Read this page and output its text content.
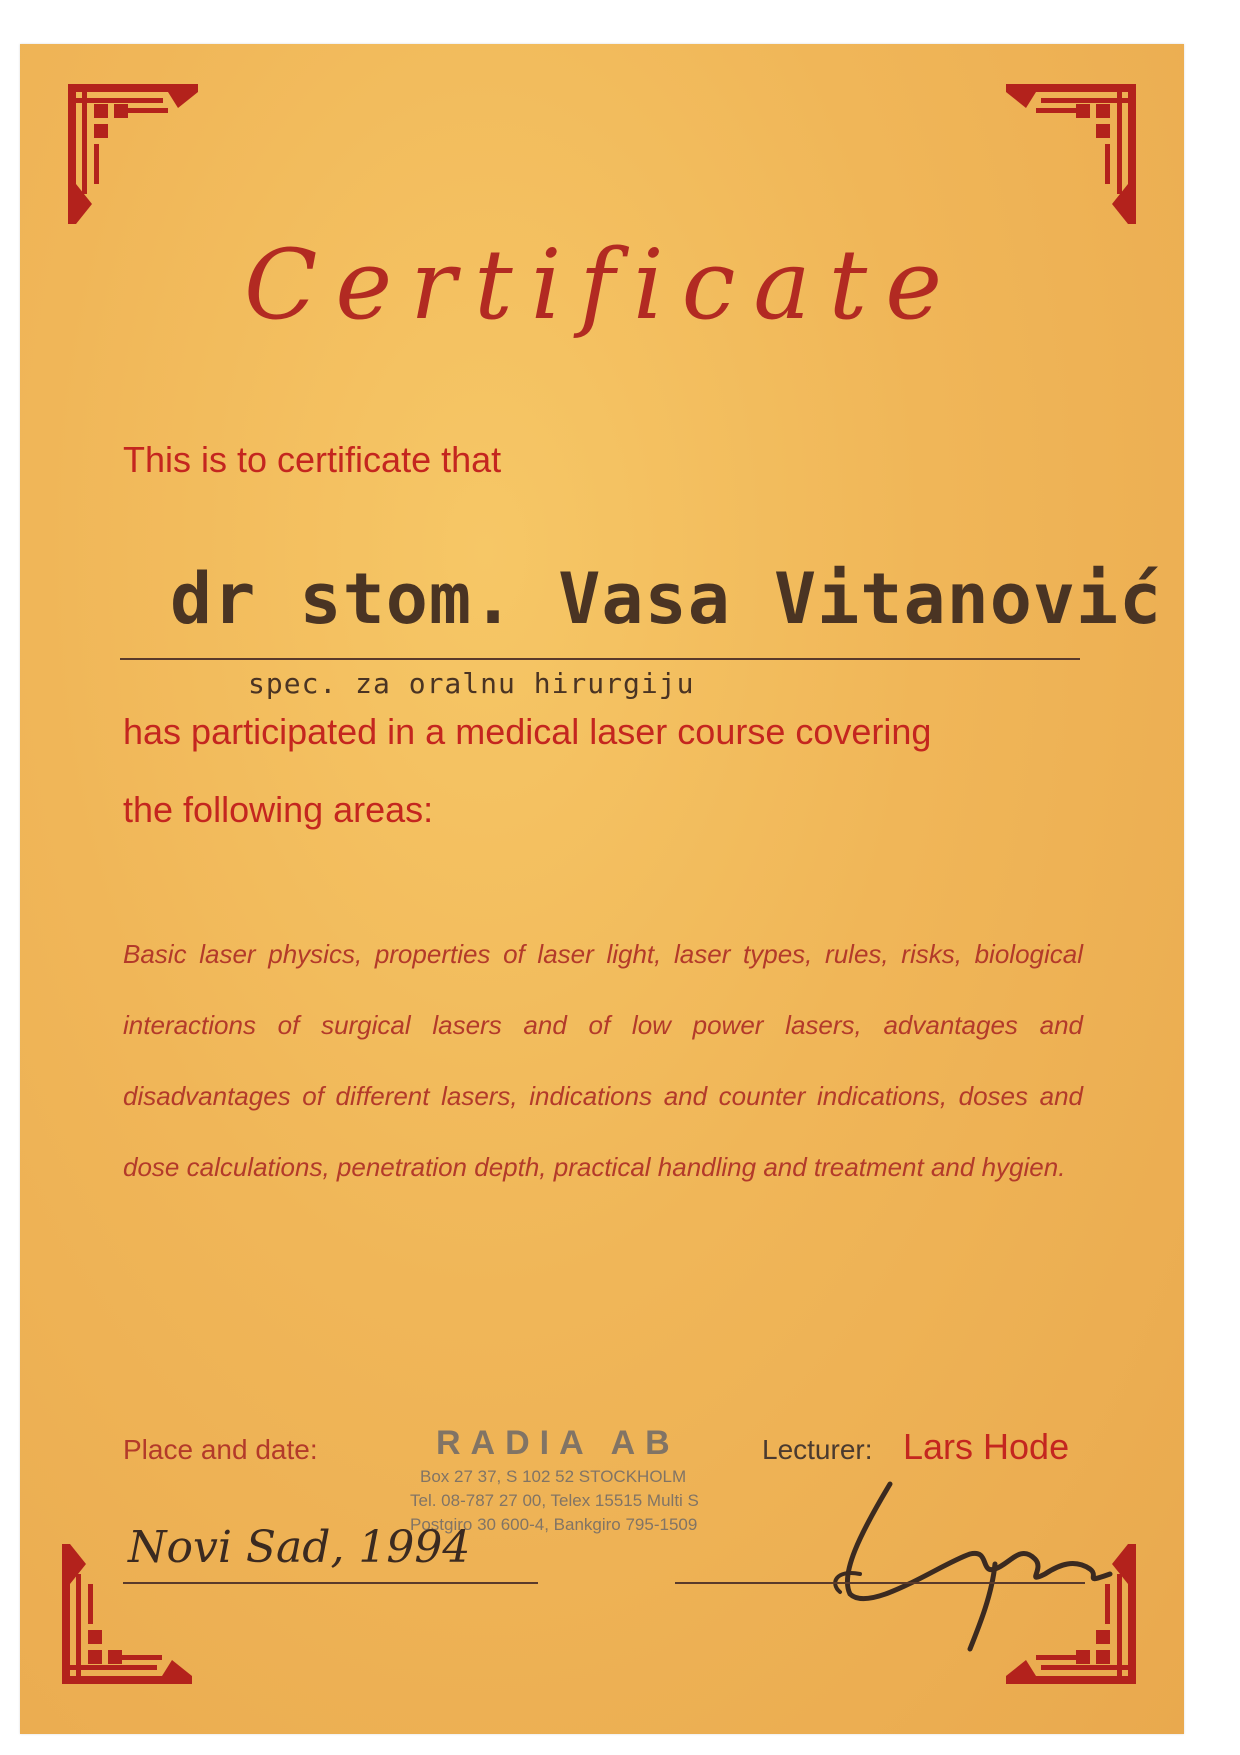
Certificate
This is to certificate that
dr stom. Vasa Vitanović
spec. za oralnu hirurgiju
has participated in a medical laser course covering
the following areas:
Basic laser physics, properties of laser light, laser types, rules, risks, biological interactions of surgical lasers and of low power lasers, advantages and disadvantages of different lasers, indications and counter indications, doses and dose calculations, penetration depth, practical handling and treatment and hygien.
Place and date:	RADIA AB
Box 27 37, S 102 52 STOCKHOLM
Tel. 08-787 27 00, Telex 15515 Multi S
Postgiro 30 600-4, Bankgiro 795-1509
Lecturer: Lars Hode
Novi Sad, 1994
